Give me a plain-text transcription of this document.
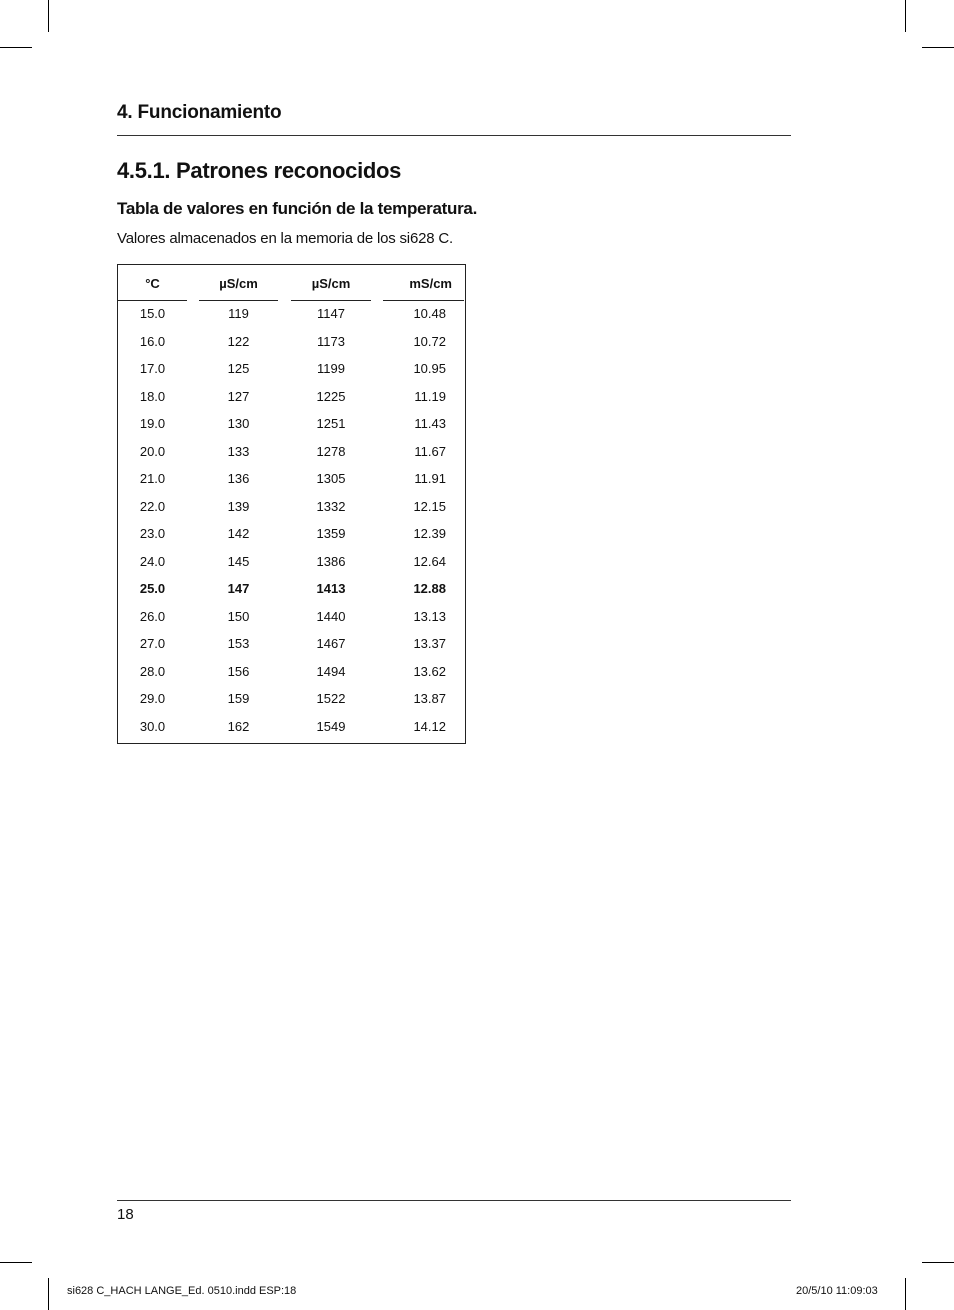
4. Funcionamiento
4.5.1. Patrones reconocidos
Tabla de valores en función de la temperatura.
Valores almacenados en la memoria de los si628 C.
°C	µS/cm	µS/cm	mS/cm
15.0	119	1147	10.48
16.0	122	1173	10.72
17.0	125	1199	10.95
18.0	127	1225	11.19
19.0	130	1251	11.43
20.0	133	1278	11.67
21.0	136	1305	11.91
22.0	139	1332	12.15
23.0	142	1359	12.39
24.0	145	1386	12.64
25.0	147	1413	12.88
26.0	150	1440	13.13
27.0	153	1467	13.37
28.0	156	1494	13.62
29.0	159	1522	13.87
30.0	162	1549	14.12
18
si628 C_HACH LANGE_Ed. 0510.indd ESP:18	20/5/10 11:09:03
